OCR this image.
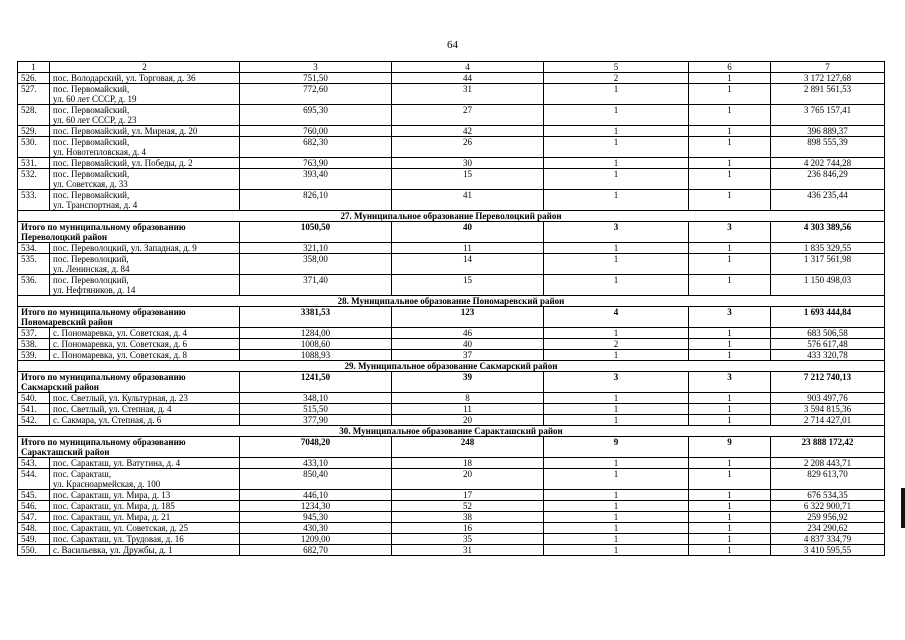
64
1	2	3	4	5	6	7
526.	пос. Володарский, ул. Торговая, д. 36	751,50	44	2	1	3 172 127,68
527.	пос. Первомайский,
ул. 60 лет СССР, д. 19	772,60	31	1	1	2 891 561,53
528.	пос. Первомайский,
ул. 60 лет СССР, д. 23	695,30	27	1	1	3 765 157,41
529.	пос. Первомайский, ул. Мирная, д. 20	760,00	42	1	1	396 889,37
530.	пос. Первомайский,
ул. Новотепловская, д. 4	682,30	26	1	1	898 555,39
531.	пос. Первомайский, ул. Победы, д. 2	763,90	30	1	1	4 202 744,28
532.	пос. Первомайский,
ул. Советская, д. 33	393,40	15	1	1	236 846,29
533.	пос. Первомайский,
ул. Транспортная, д. 4	826,10	41	1	1	436 235,44
27. Муниципальное образование Переволоцкий район						

Итого по муниципальному образованию
Переволоцкий район		1050,50	40	3	3	4 303 389,56
534.	пос. Переволоцкий, ул. Западная, д. 9	321,10	11	1	1	1 835 329,55
535.	пос. Переволоцкий,
ул. Ленинская, д. 84	358,00	14	1	1	1 317 561,98
536.	пос. Переволоцкий,
ул. Нефтяников, д. 14	371,40	15	1	1	1 150 498,03
28. Муниципальное образование Пономаревский район						

Итого по муниципальному образованию
Пономаревский район		3381,53	123	4	3	1 693 444,84
537.	с. Пономаревка, ул. Советская, д. 4	1284,00	46	1	1	683 506,58
538.	с. Пономаревка, ул. Советская, д. 6	1008,60	40	2	1	576 617,48
539.	с. Пономаревка, ул. Советская, д. 8	1088,93	37	1	1	433 320,78
29. Муниципальное образование Сакмарский район						

Итого по муниципальному образованию
Сакмарский район		1241,50	39	3	3	7 212 740,13
540.	пос. Светлый, ул. Культурная, д. 23	348,10	8	1	1	903 497,76
541.	пос. Светлый, ул. Степная, д. 4	515,50	11	1	1	3 594 815,36
542.	с. Сакмара, ул. Степная, д. 6	377,90	20	1	1	2 714 427,01
30. Муниципальное образование Саракташский район						

Итого по муниципальному образованию
Саракташский район		7048,20	248	9	9	23 888 172,42
543.	пос. Саракташ, ул. Ватутина, д. 4	433,10	18	1	1	2 208 443,71
544.	пос. Саракташ,
ул. Красноармейская, д. 100	850,40	20	1	1	829 613,70
545.	пос. Саракташ, ул. Мира, д. 13	446,10	17	1	1	676 534,35
546.	пос. Саракташ, ул. Мира, д. 185	1234,30	52	1	1	6 322 900,71
547.	пос. Саракташ, ул. Мира, д. 21	945,30	38	1	1	259 956,92
548.	пос. Саракташ, ул. Советская, д. 25	430,30	16	1	1	234 290,62
549.	пос. Саракташ, ул. Трудовая, д. 16	1209,00	35	1	1	4 837 334,79
550.	с. Васильевка, ул. Дружбы, д. 1	682,70	31	1	1	3 410 595,55
